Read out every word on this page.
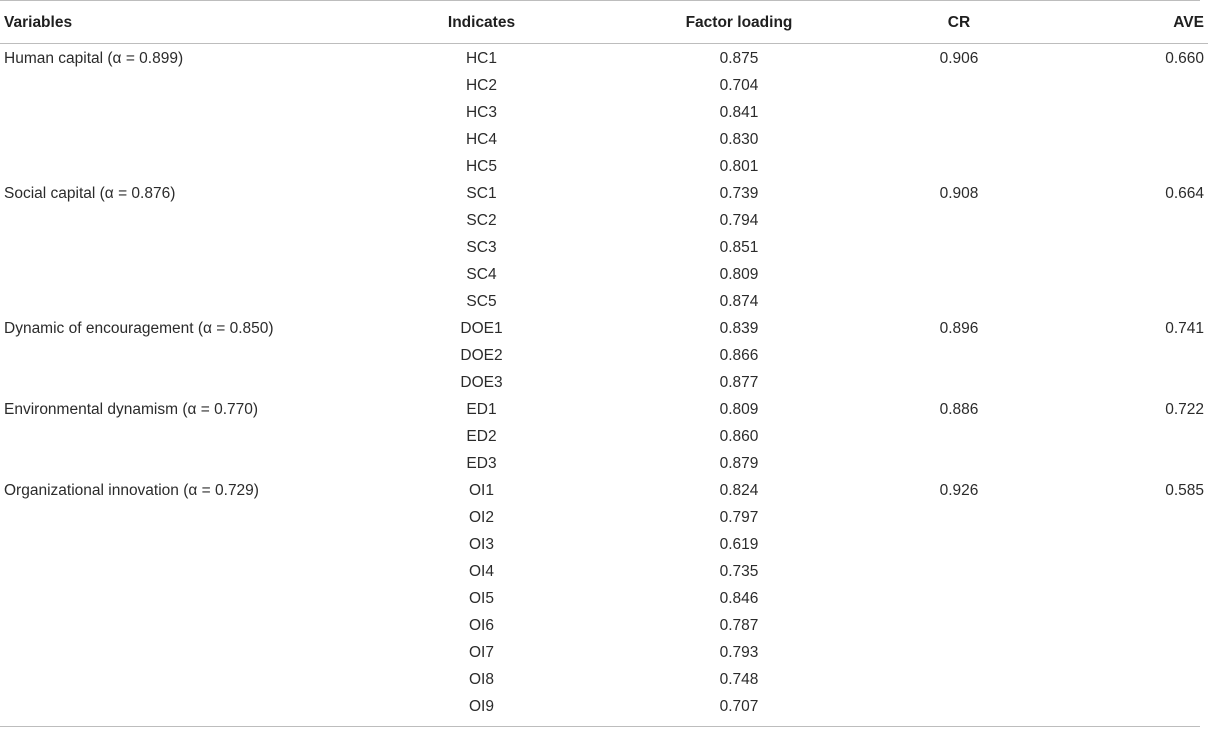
Variables	Indicates	Factor loading	CR	AVE
Human capital (α = 0.899)	HC1	0.875	0.906	0.660
	HC2	0.704		
	HC3	0.841		
	HC4	0.830		
	HC5	0.801		
Social capital (α = 0.876)	SC1	0.739	0.908	0.664
	SC2	0.794		
	SC3	0.851		
	SC4	0.809		
	SC5	0.874		
Dynamic of encouragement (α = 0.850)	DOE1	0.839	0.896	0.741
	DOE2	0.866		
	DOE3	0.877		
Environmental dynamism (α = 0.770)	ED1	0.809	0.886	0.722
	ED2	0.860		
	ED3	0.879		
Organizational innovation (α = 0.729)	OI1	0.824	0.926	0.585
	OI2	0.797		
	OI3	0.619		
	OI4	0.735		
	OI5	0.846		
	OI6	0.787		
	OI7	0.793		
	OI8	0.748		
	OI9	0.707		
